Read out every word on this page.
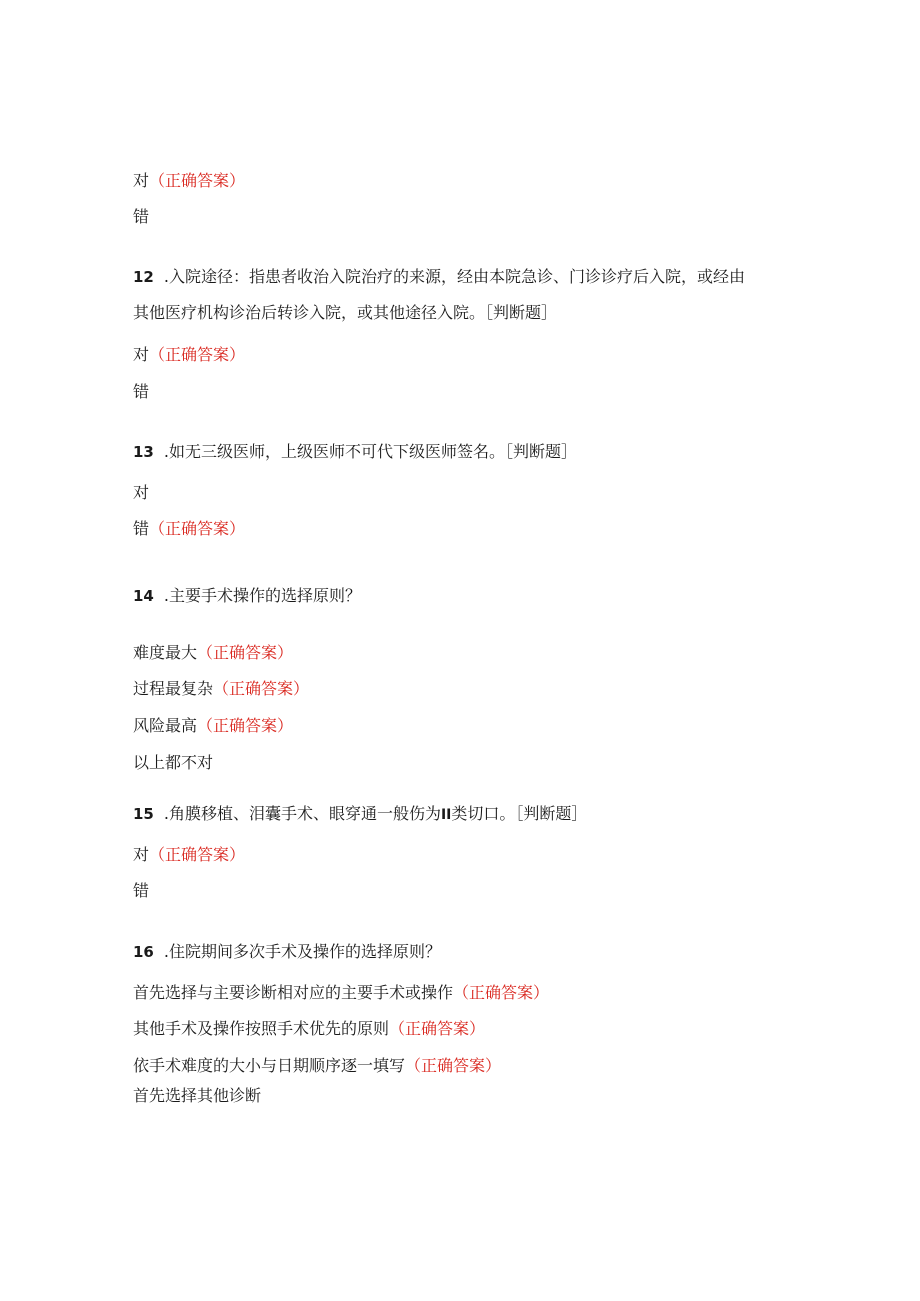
对（正确答案）
错
12 .入院途径：指患者收治入院治疗的来源，经由本院急诊、门诊诊疗后入院，或经由
其他医疗机构诊治后转诊入院，或其他途径入院。［判断题］
对（正确答案）
错
13 .如无三级医师，上级医师不可代下级医师签名。［判断题］
对
错（正确答案）
14 .主要手术操作的选择原则？
难度最大（正确答案）
过程最复杂（正确答案）
风险最高（正确答案）
以上都不对
15 .角膜移植、泪囊手术、眼穿通一般伤为II类切口。［判断题］
对（正确答案）
错
16 .住院期间多次手术及操作的选择原则？
首先选择与主要诊断相对应的主要手术或操作（正确答案）
其他手术及操作按照手术优先的原则（正确答案）
依手术难度的大小与日期顺序逐一填写（正确答案）
首先选择其他诊断
